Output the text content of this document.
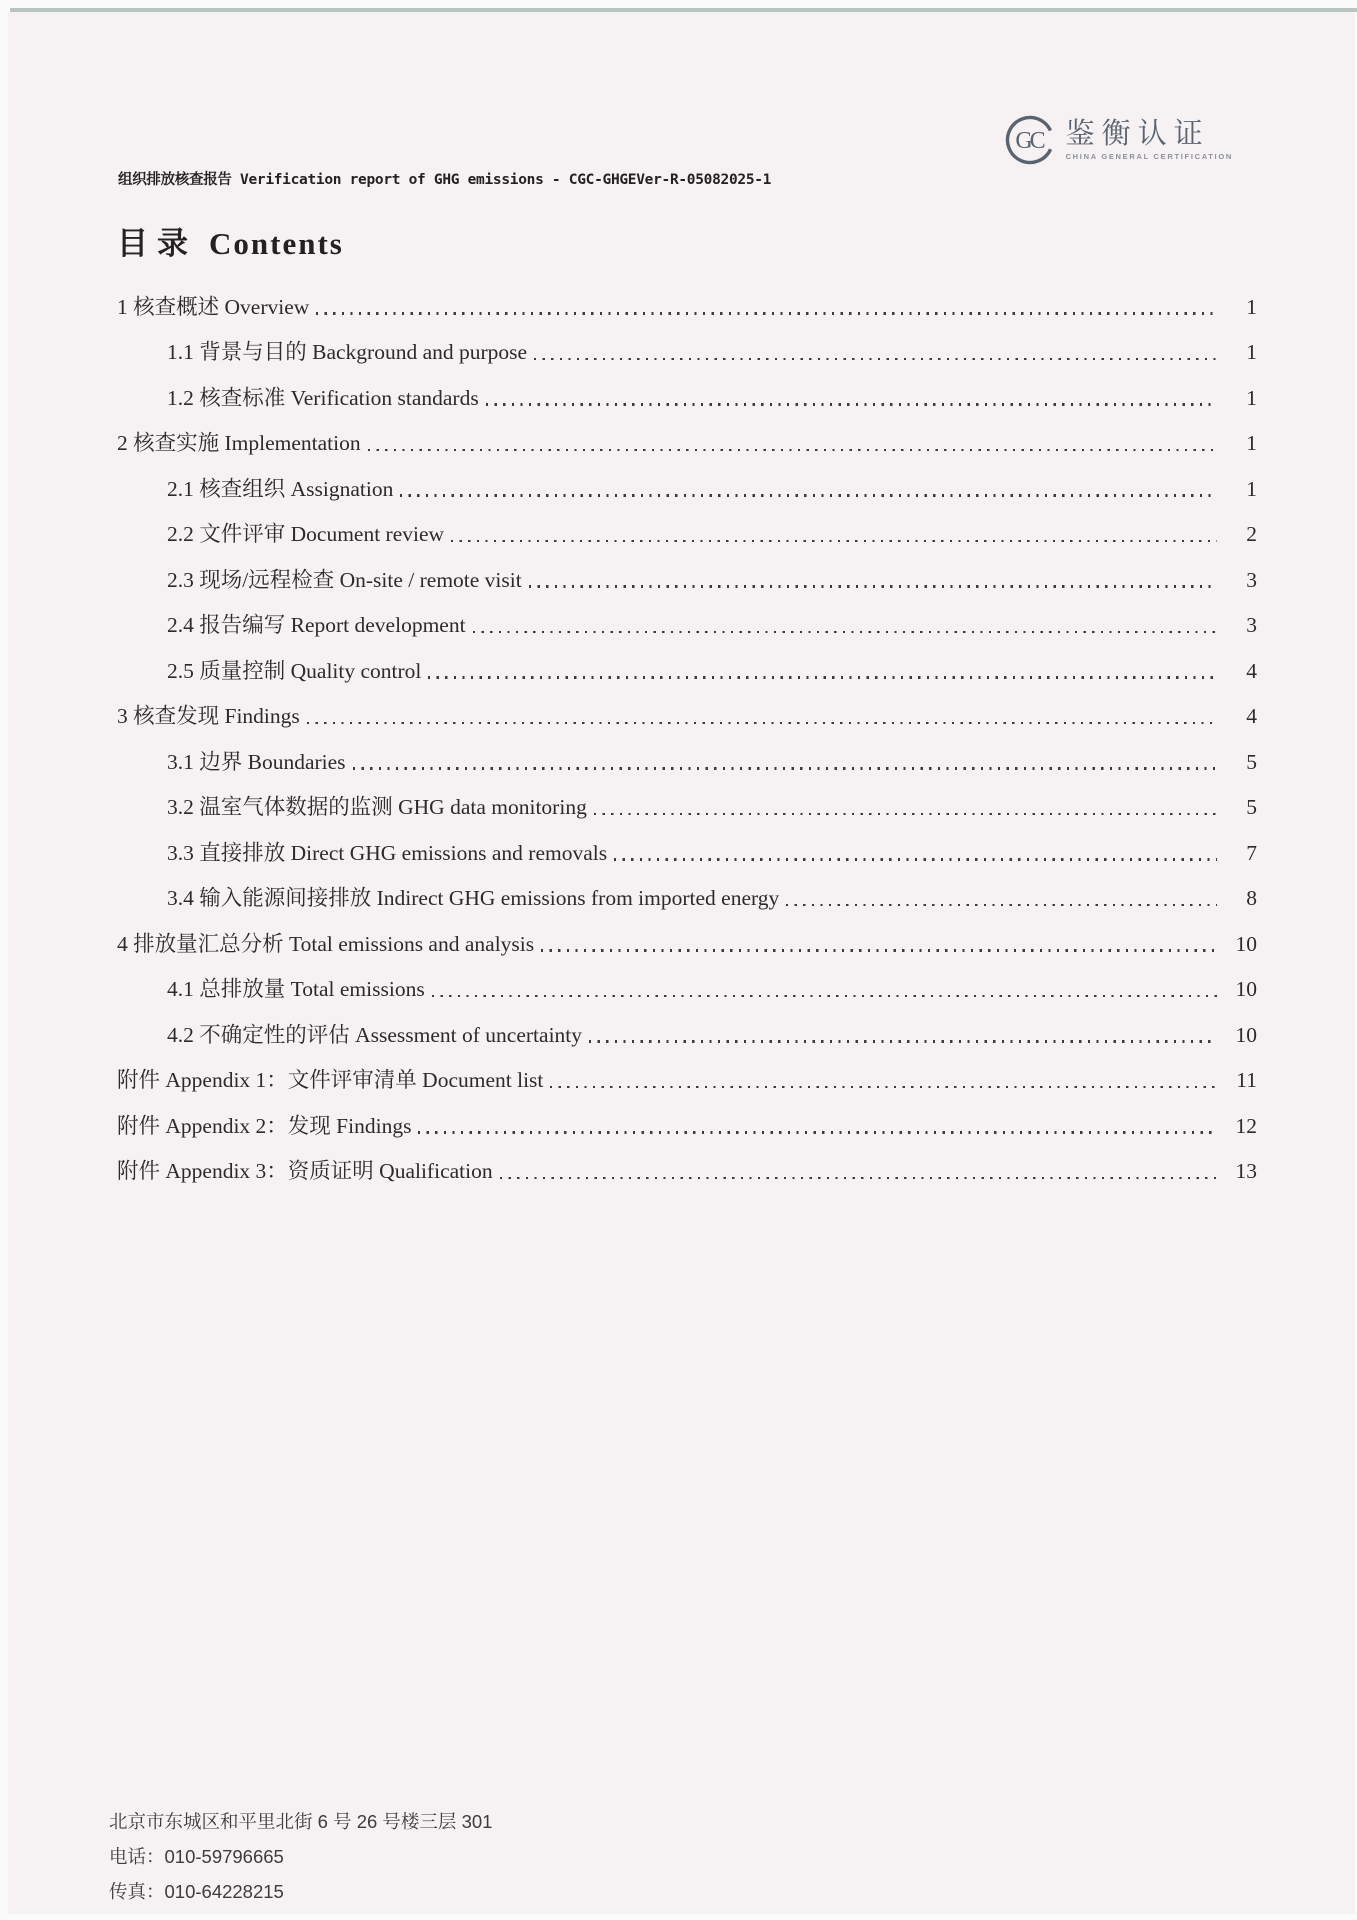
组织排放核查报告 Verification report of GHG emissions - CGC-GHGEVer-R-05082025-1
GC 鉴衡认证
CHINA GENERAL CERTIFICATION
目录 Contents
1 核查概述 Overview	1
1.1 背景与目的 Background and purpose	1
1.2 核查标准 Verification standards	1
2 核查实施 Implementation	1
2.1 核查组织 Assignation	1
2.2 文件评审 Document review	2
2.3 现场/远程检查 On-site / remote visit	3
2.4 报告编写 Report development	3
2.5 质量控制 Quality control	4
3 核查发现 Findings	4
3.1 边界 Boundaries	5
3.2 温室气体数据的监测 GHG data monitoring	5
3.3 直接排放 Direct GHG emissions and removals	7
3.4 输入能源间接排放 Indirect GHG emissions from imported energy	8
4 排放量汇总分析 Total emissions and analysis	10
4.1 总排放量 Total emissions	10
4.2 不确定性的评估 Assessment of uncertainty	10
附件 Appendix 1：文件评审清单 Document list	11
附件 Appendix 2：发现 Findings	12
附件 Appendix 3：资质证明 Qualification	13
北京市东城区和平里北街 6 号 26 号楼三层 301
电话：010-59796665
传真：010-64228215
